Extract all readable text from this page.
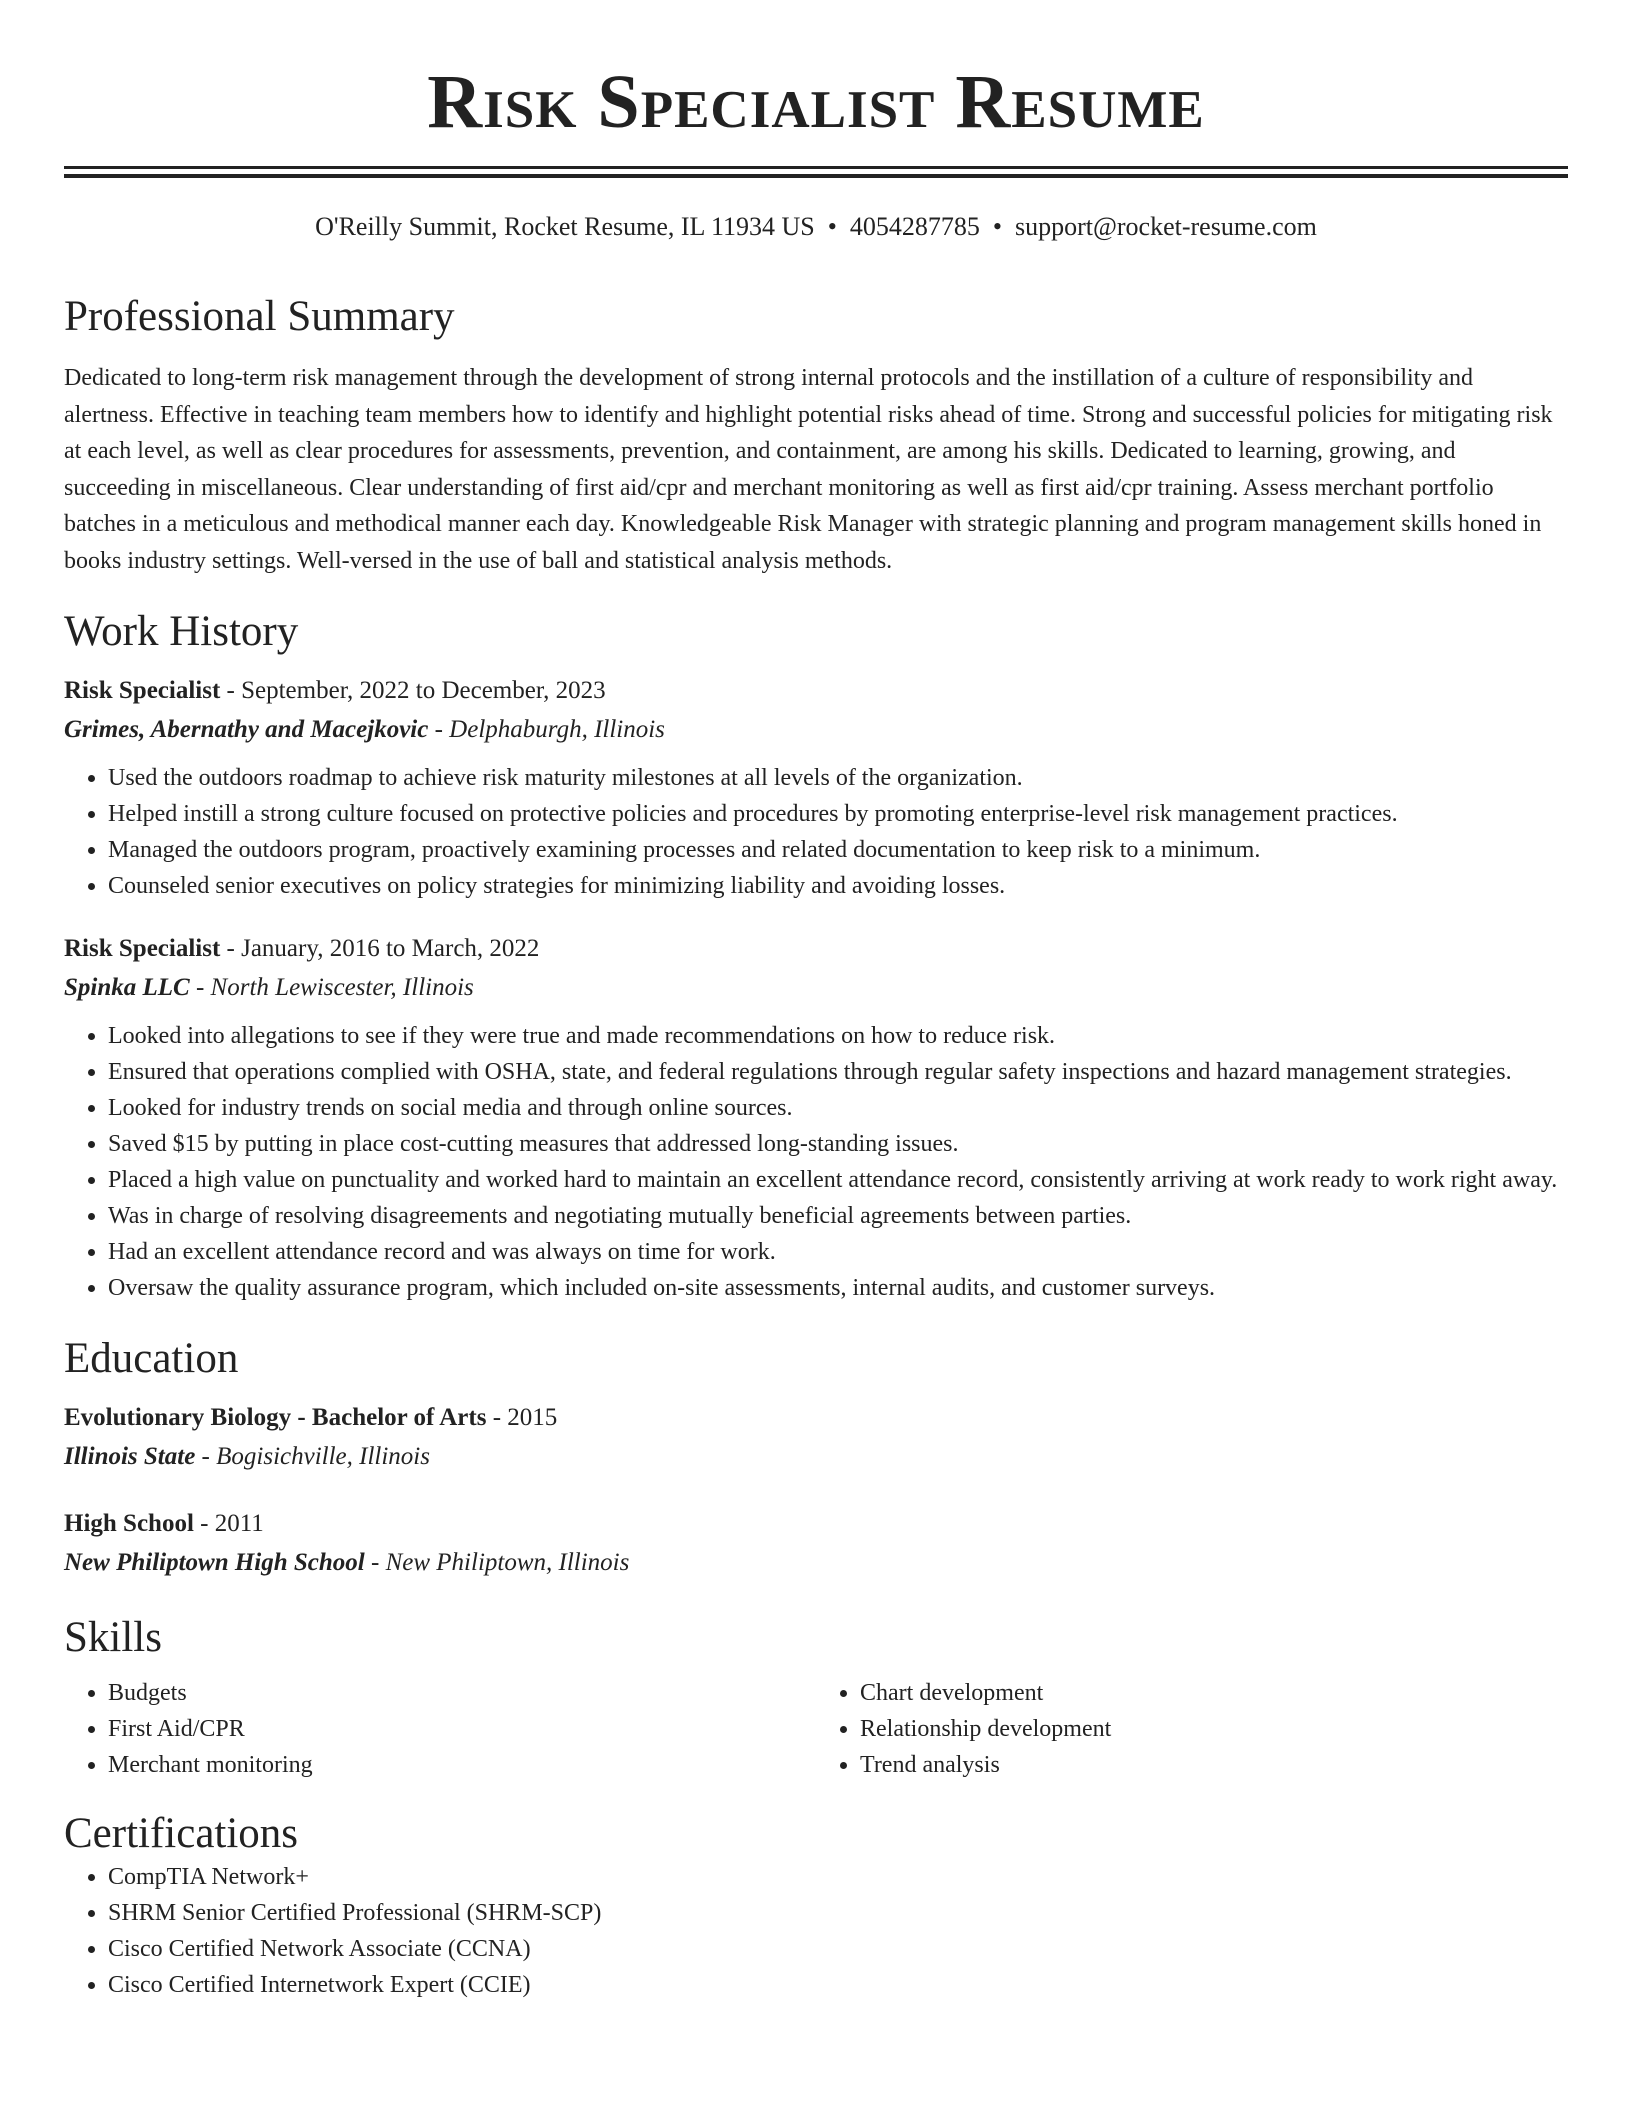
Risk Specialist Resume
O'Reilly Summit, Rocket Resume, IL 11934 US • 4054287785 • support@rocket-resume.com
Professional Summary

Dedicated to long-term risk management through the development of strong internal protocols and the instillation of a culture of responsibility and alertness. Effective in teaching team members how to identify and highlight potential risks ahead of time. Strong and successful policies for mitigating risk at each level, as well as clear procedures for assessments, prevention, and containment, are among his skills. Dedicated to learning, growing, and succeeding in miscellaneous. Clear understanding of first aid/cpr and merchant monitoring as well as first aid/cpr training. Assess merchant portfolio batches in a meticulous and methodical manner each day. Knowledgeable Risk Manager with strategic planning and program management skills honed in books industry settings. Well-versed in the use of ball and statistical analysis methods.

Work History
Risk Specialist - September, 2022 to December, 2023
Grimes, Abernathy and Macejkovic - Delphaburgh, Illinois
• Used the outdoors roadmap to achieve risk maturity milestones at all levels of the organization.
• Helped instill a strong culture focused on protective policies and procedures by promoting enterprise-level risk management practices.
• Managed the outdoors program, proactively examining processes and related documentation to keep risk to a minimum.
• Counseled senior executives on policy strategies for minimizing liability and avoiding losses.
Risk Specialist - January, 2016 to March, 2022
Spinka LLC - North Lewiscester, Illinois
• Looked into allegations to see if they were true and made recommendations on how to reduce risk.
• Ensured that operations complied with OSHA, state, and federal regulations through regular safety inspections and hazard management strategies.
• Looked for industry trends on social media and through online sources.
• Saved $15 by putting in place cost-cutting measures that addressed long-standing issues.
• Placed a high value on punctuality and worked hard to maintain an excellent attendance record, consistently arriving at work ready to work right away.
• Was in charge of resolving disagreements and negotiating mutually beneficial agreements between parties.
• Had an excellent attendance record and was always on time for work.
• Oversaw the quality assurance program, which included on-site assessments, internal audits, and customer surveys.
Education
Evolutionary Biology - Bachelor of Arts - 2015
Illinois State - Bogisichville, Illinois
High School - 2011
New Philiptown High School - New Philiptown, Illinois
Skills
• Budgets
• First Aid/CPR
• Merchant monitoring
• Chart development
• Relationship development
• Trend analysis
Certifications
• CompTIA Network+
• SHRM Senior Certified Professional (SHRM-SCP)
• Cisco Certified Network Associate (CCNA)
• Cisco Certified Internetwork Expert (CCIE)
